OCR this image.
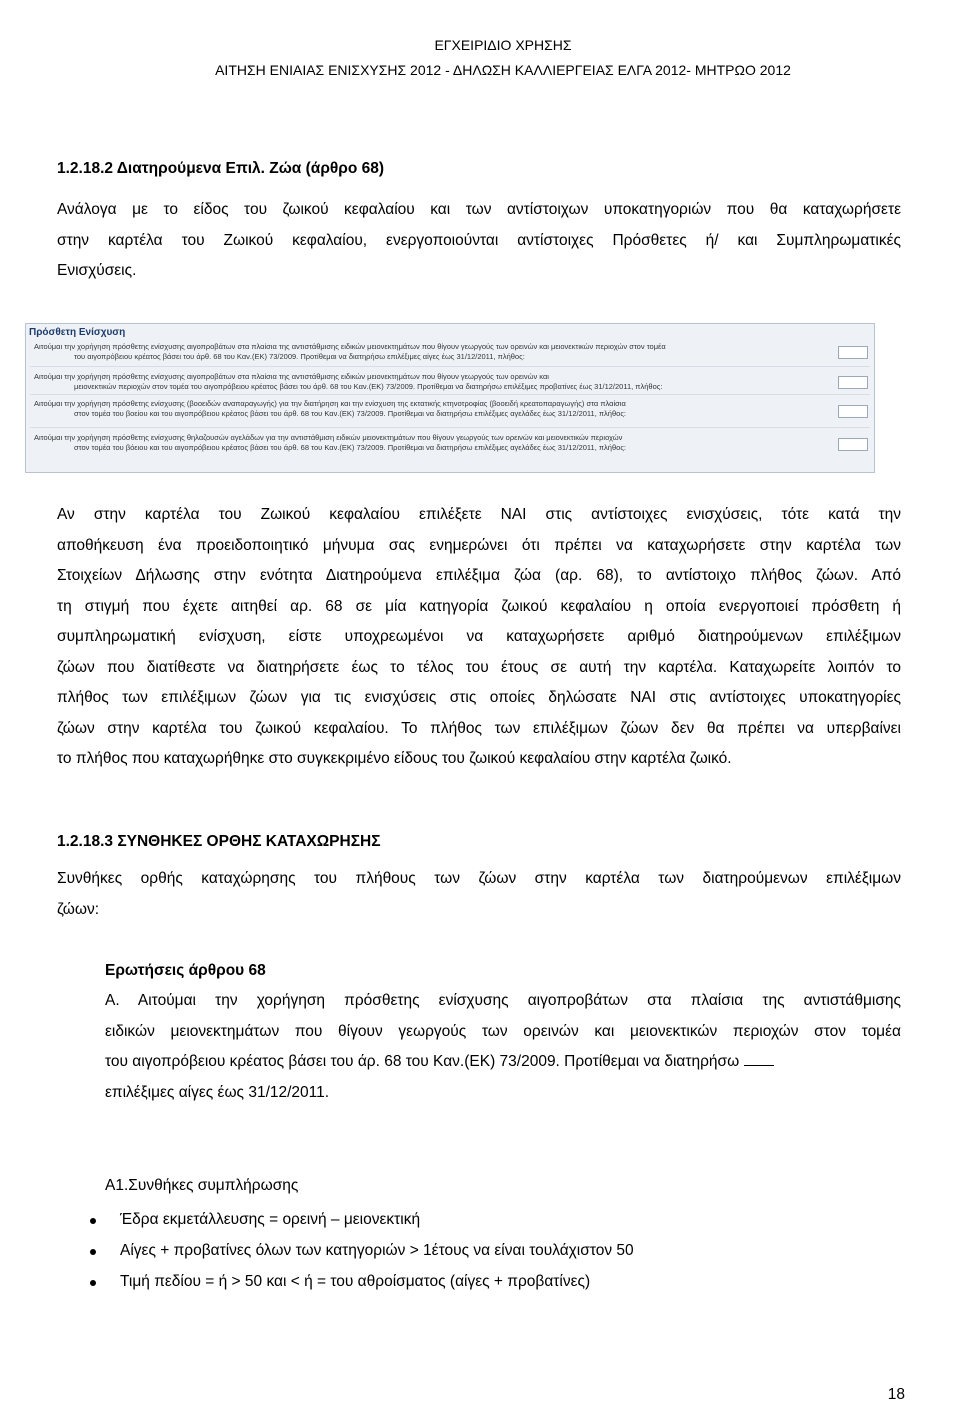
ΕΓΧΕΙΡΙΔΙΟ ΧΡΗΣΗΣ
ΑΙΤΗΣΗ ΕΝΙΑΙΑΣ ΕΝΙΣΧΥΣΗΣ 2012 - ΔΗΛΩΣΗ ΚΑΛΛΙΕΡΓΕΙΑΣ ΕΛΓΑ 2012- ΜΗΤΡΩΟ 2012
1.2.18.2 Διατηρούμενα Επιλ. Ζώα (άρθρο 68)
Ανάλογα με το είδος του ζωικού κεφαλαίου και των αντίστοιχων υποκατηγοριών που θα καταχωρήσετε
στην καρτέλα του Ζωικού κεφαλαίου, ενεργοποιούνται αντίστοιχες Πρόσθετες ή/ και Συμπληρωματικές
Ενισχύσεις.
Πρόσθετη Ενίσχυση
Αιτούμαι την χορήγηση πρόσθετης ενίσχυσης αιγοπροβάτων στα πλαίσια της αντιστάθμισης ειδικών μειονεκτημάτων που θίγουν γεωργούς των ορεινών και μειονεκτικών περιοχών στον τομέα
του αιγοπρόβειου κρέατος βάσει του άρθ. 68 του Καν.(ΕΚ) 73/2009. Προτίθεμαι να διατηρήσω επιλέξιμες αίγες έως 31/12/2011, πλήθος:
Αιτούμαι την χορήγηση πρόσθετης ενίσχυσης αιγοπροβάτων στα πλαίσια της αντιστάθμισης ειδικών μειονεκτημάτων που θίγουν γεωργούς των ορεινών και
μειονεκτικών περιοχών στον τομέα του αιγοπρόβειου κρέατος βάσει του άρθ. 68 του Καν.(ΕΚ) 73/2009. Προτίθεμαι να διατηρήσω επιλέξιμες προβατίνες έως 31/12/2011, πλήθος:
Αιτούμαι την χορήγηση πρόσθετης ενίσχυσης (βοοειδών αναπαραγωγής) για την διατήρηση και την ενίσχυση της εκτατικής κτηνοτροφίας (βοοειδή κρεατοπαραγωγής) στα πλαίσια
στον τομέα του βοείου και του αιγοπρόβειου κρέατος βάσει του άρθ. 68 του Καν.(ΕΚ) 73/2009. Προτίθεμαι να διατηρήσω επιλέξιμες αγελάδες έως 31/12/2011, πλήθος:
Αιτούμαι την χορήγηση πρόσθετης ενίσχυσης θηλαζουσών αγελάδων για την αντιστάθμιση ειδικών μειονεκτημάτων που θίγουν γεωργούς των ορεινών και μειονεκτικών περιοχών
στον τομέα του βόειου και του αιγοπρόβειου κρέατος βάσει του άρθ. 68 του Καν.(ΕΚ) 73/2009. Προτίθεμαι να διατηρήσω επιλέξιμες αγελάδες έως 31/12/2011, πλήθος:
Αν στην καρτέλα του Ζωικού κεφαλαίου επιλέξετε ΝΑΙ στις αντίστοιχες ενισχύσεις, τότε κατά την
αποθήκευση ένα προειδοποιητικό μήνυμα σας ενημερώνει ότι πρέπει να καταχωρήσετε στην καρτέλα των
Στοιχείων Δήλωσης στην ενότητα Διατηρούμενα επιλέξιμα ζώα (αρ. 68), το αντίστοιχο πλήθος ζώων. Από
τη στιγμή που έχετε αιτηθεί αρ. 68 σε μία κατηγορία ζωικού κεφαλαίου η οποία ενεργοποιεί πρόσθετη ή
συμπληρωματική ενίσχυση, είστε υποχρεωμένοι να καταχωρήσετε αριθμό διατηρούμενων επιλέξιμων
ζώων που διατίθεστε να διατηρήσετε έως το τέλος του έτους σε αυτή την καρτέλα. Καταχωρείτε λοιπόν το
πλήθος των επιλέξιμων ζώων για τις ενισχύσεις στις οποίες δηλώσατε ΝΑΙ στις αντίστοιχες υποκατηγορίες
ζώων στην καρτέλα του ζωικού κεφαλαίου. Το πλήθος των επιλέξιμων ζώων δεν θα πρέπει να υπερβαίνει
το πλήθος που καταχωρήθηκε στο συγκεκριμένο είδους του ζωικού κεφαλαίου στην καρτέλα ζωικό.
1.2.18.3 ΣΥΝΘΗΚΕΣ ΟΡΘΗΣ ΚΑΤΑΧΩΡΗΣΗΣ
Συνθήκες ορθής καταχώρησης του πλήθους των ζώων στην καρτέλα των διατηρούμενων επιλέξιμων
ζώων:
Ερωτήσεις άρθρου 68
Α. Αιτούμαι την χορήγηση πρόσθετης ενίσχυσης αιγοπροβάτων στα πλαίσια της αντιστάθμισης
ειδικών μειονεκτημάτων που θίγουν γεωργούς των ορεινών και μειονεκτικών περιοχών στον τομέα
του αιγοπρόβειου κρέατος βάσει του άρ. 68 του Καν.(ΕΚ) 73/2009. Προτίθεμαι να διατηρήσω
επιλέξιμες αίγες έως 31/12/2011.
Α1.Συνθήκες συμπλήρωσης
Έδρα εκμετάλλευσης = ορεινή – μειονεκτική
Αίγες + προβατίνες όλων των κατηγοριών > 1έτους να είναι τουλάχιστον 50
Τιμή πεδίου = ή > 50 και < ή = του αθροίσματος (αίγες + προβατίνες)
18
